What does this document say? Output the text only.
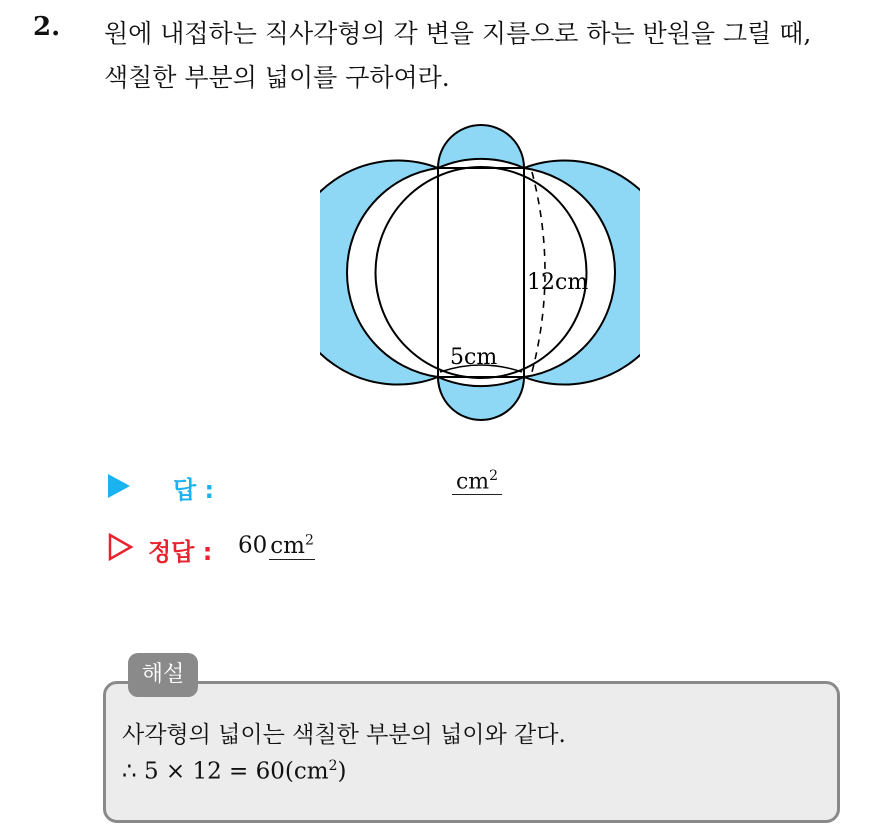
2. 원에 내접하는 직사각형의 각 변을 지름으로 하는 반원을 그릴 때,
색칠한 부분의 넓이를 구하여라.
12cm
5cm
답 :	$cm^2$
정답 : 60 $cm^2$
해설
사각형의 넓이는 색칠한 부분의 넓이와 같다.
∴ $5 \times 12 = 60(cm^2)$
